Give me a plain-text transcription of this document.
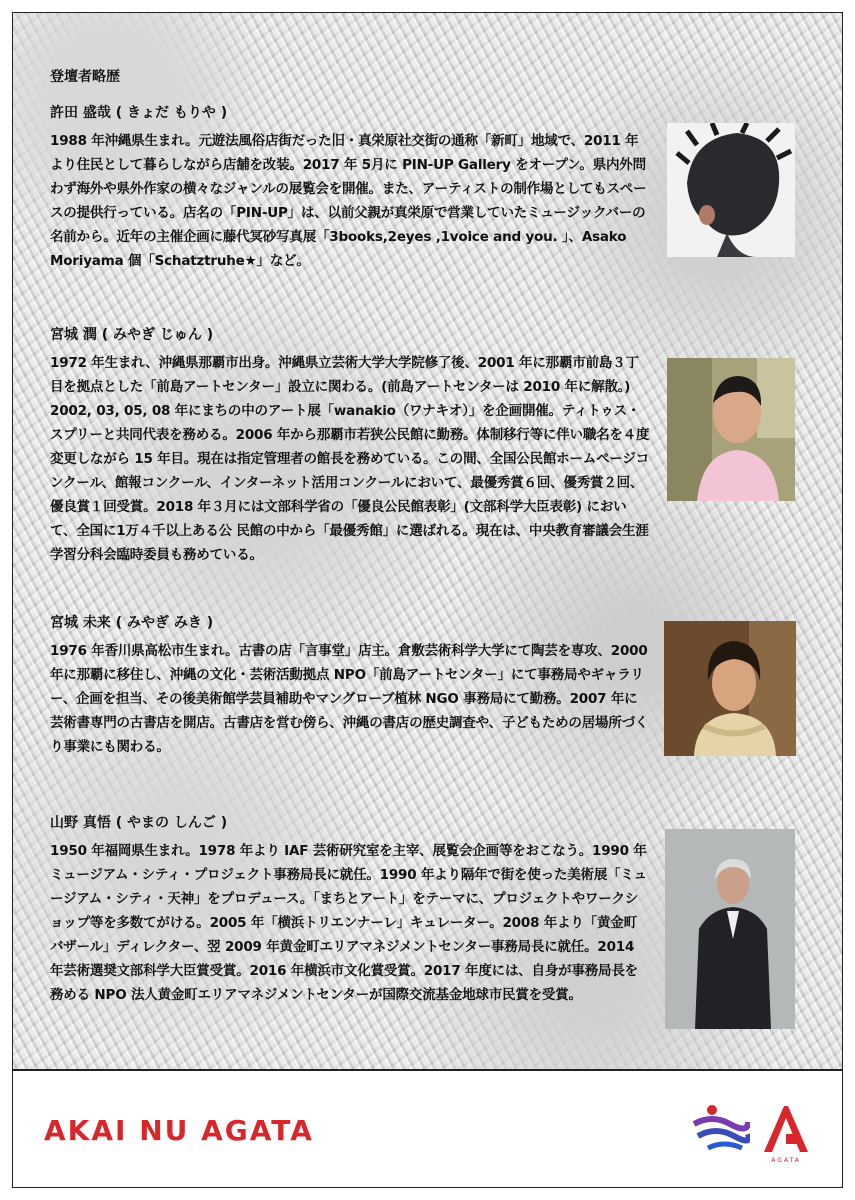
登壇者略歴

許田 盛哉 ( きょだ もりや )

1988 年沖縄県生まれ。元遊法風俗店街だった旧・真栄原社交街の通称「新町」地域で、2011 年より住民として暮らしながら店舗を改装。2017 年 5月に PIN-UP Gallery をオープン。県内外問わず海外や県外作家の横々なジャンルの展覧会を開催。また、アーティストの制作場としてもスペースの提供行っている。店名の「PIN-UP」は、以前父親が真栄原で営業していたミュージックバーの名前から。近年の主催企画に藤代冥砂写真展「3books,2eyes ,1voice and you. 」、Asako Moriyama 個「Schatztruhe★」など。

宮城 潤 ( みやぎ じゅん )

1972 年生まれ、沖縄県那覇市出身。沖縄県立芸術大学大学院修了後、2001 年に那覇市前島３丁目を拠点とした「前島アートセンター」設立に関わる。(前島アートセンターは 2010 年に解散。) 2002, 03, 05, 08 年にまちの中のアート展「wanakio（ワナキオ）」を企画開催。ティトゥス・スプリーと共同代表を務める。2006 年から那覇市若狭公民館に勤務。体制移行等に伴い職名を４度変更しながら 15 年目。現在は指定管理者の館長を務めている。この間、全国公民館ホームページコンクール、館報コンクール、インターネット活用コンクールにおいて、最優秀賞６回、優秀賞２回、優良賞１回受賞。2018 年３月には文部科学省の「優良公民館表彰」(文部科学大臣表彰) において、全国に1万４千以上ある公 民館の中から「最優秀館」に選ばれる。現在は、中央教育審議会生涯学習分科会臨時委員も務めている。

宮城 未来 ( みやぎ みき )

1976 年香川県高松市生まれ。古書の店「言事堂」店主。倉敷芸術科学大学にて陶芸を専攻、2000 年に那覇に移住し、沖縄の文化・芸術活動拠点 NPO「前島アートセンター」にて事務局やギャラリー、企画を担当、その後美術館学芸員補助やマングローブ植林 NGO 事務局にて勤務。2007 年に芸術書専門の古書店を開店。古書店を営む傍ら、沖縄の書店の歴史調査や、子どもための居場所づくり事業にも関わる。

山野 真悟 ( やまの しんご )

1950 年福岡県生まれ。1978 年より IAF 芸術研究室を主宰、展覧会企画等をおこなう。1990 年ミュージアム・シティ・プロジェクト事務局長に就任。1990 年より隔年で街を使った美術展「ミュージアム・シティ・天神」をプロデュース。「まちとアート」をテーマに、プロジェクトやワークショップ等を多数てがける。2005 年「横浜トリエンナーレ」キュレーター。2008 年より「黄金町バザール」ディレクター、翌 2009 年黄金町エリアマネジメントセンター事務局長に就任。2014 年芸術選奨文部科学大臣賞受賞。2016 年横浜市文化賞受賞。2017 年度には、自身が事務局長を務める NPO 法人黄金町エリアマネジメントセンターが国際交流基金地球市民賞を受賞。

AKAI NU AGATA
AGATA
